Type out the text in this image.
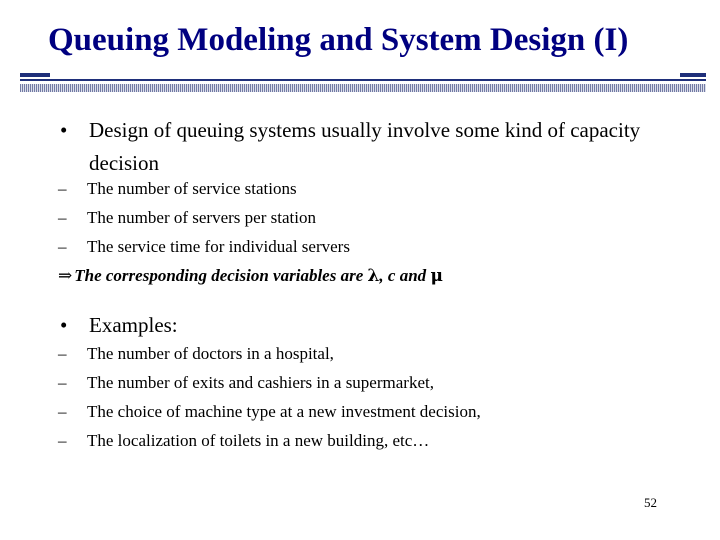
Queuing Modeling and System Design (I)
• Design of queuing systems usually involve some kind of capacity decision
– The number of service stations
– The number of servers per station
– The service time for individual servers
⇒ The corresponding decision variables are λ, c and μ
• Examples:
– The number of doctors in a hospital,
– The number of exits and cashiers in a supermarket,
– The choice of machine type at a new investment decision,
– The localization of toilets in a new building, etc…
52
